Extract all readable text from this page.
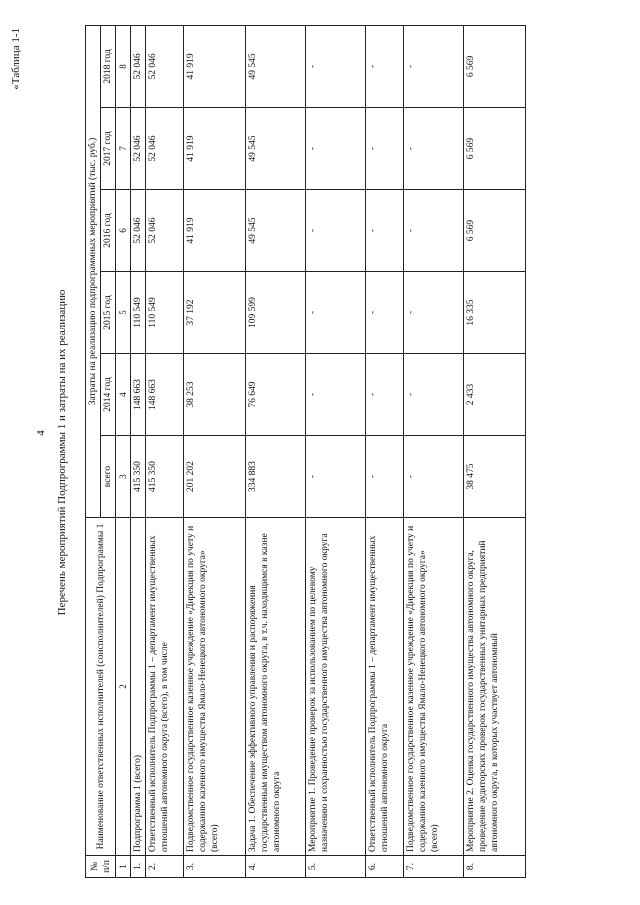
4
«Таблица 1-1
Перечень мероприятий Подпрограммы 1 и затраты на их реализацию
№ п/п	Наименование ответственных исполнителей (соисполнителей) Подпрограммы 1	Затраты на реализацию подпрограммных мероприятий (тыс. руб.)					
		всего	2014 год	2015 год	2016 год	2017 год	2018 год
1	2	3	4	5	6	7	8
1.	Подпрограмма 1 (всего)	415 350	148 663	110 549	52 046	52 046	52 046
2.	Ответственный исполнитель Подпрограммы 1 – департамент имущественных отношений автономного округа (всего), в том числе	415 350	148 663	110 549	52 046	52 046	52 046
3.	Подведомственное государственное казенное учреждение «Дирекция по учету и содержанию казенного имущества Ямало-Ненецкого автономного округа» (всего)	201 202	38 253	37 192	41 919	41 919	41 919
4.	Задача 1. Обеспечение эффективного управления и распоряжения государственным имуществом автономного округа, в т.ч. находящимся в казне автономного округа	334 883	76 649	109 599	49 545	49 545	49 545
5.	Мероприятие 1. Проведение проверок за использованием по целевому назначению и сохранностью государственного имущества автономного округа	-	-	-	-	-	-
6.	Ответственный исполнитель Подпрограммы 1 – департамент имущественных отношений автономного округа	-	-	-	-	-	-
7.	Подведомственное государственное казенное учреждение «Дирекция по учету и содержанию казенного имущества Ямало-Ненецкого автономного округа» (всего)	-	-	-	-	-	-
8.	Мероприятие 2. Оценка государственного имущества автономного округа, проведение аудиторских проверок государственных унитарных предприятий автономного округа, в которых участвует автономный	38 475	2 433	16 335	6 569	6 569	6 569
